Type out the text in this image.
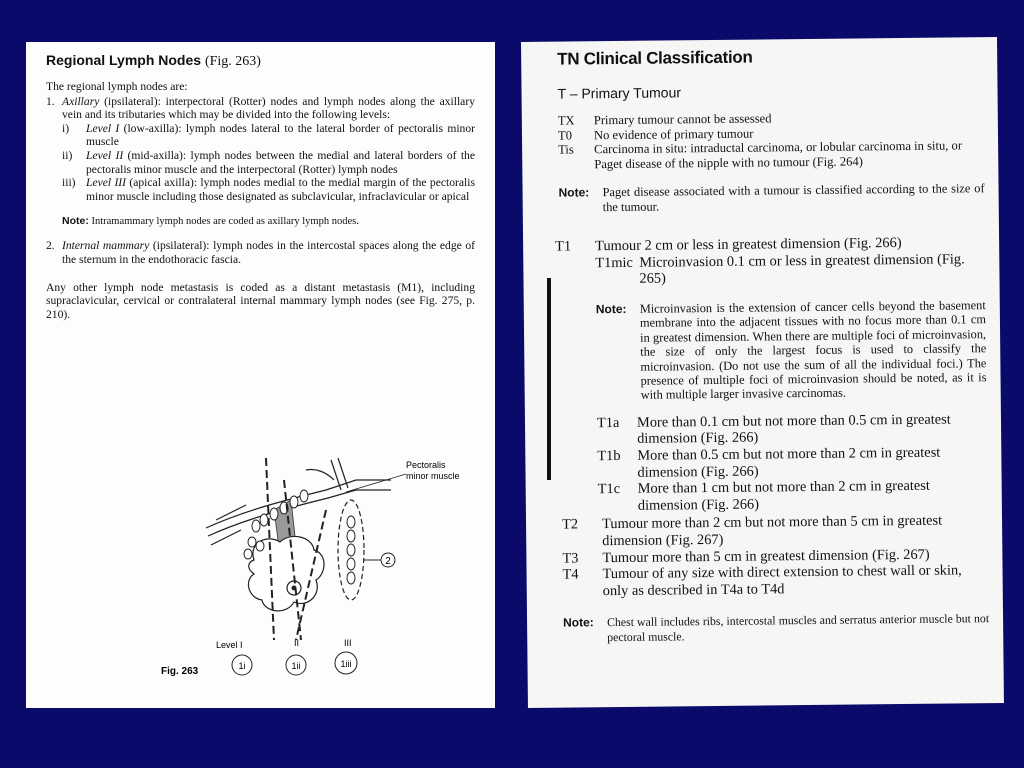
Regional Lymph Nodes (Fig. 263)

The regional lymph nodes are:

1. Axillary (ipsilateral): interpectoral (Rotter) nodes and lymph nodes along the axillary vein and its tributaries which may be divided into the following levels:
i)	Level I (low-axilla): lymph nodes lateral to the lateral border of pectoralis minor muscle
ii)	Level II (mid-axilla): lymph nodes between the medial and lateral borders of the pectoralis minor muscle and the interpectoral (Rotter) lymph nodes
iii) Level III (apical axilla): lymph nodes medial to the medial margin of the pectoralis minor muscle including those designated as subclavicular, infraclavicular or apical
Note: Intramammary lymph nodes are coded as axillary lymph nodes.
2. Internal mammary (ipsilateral): lymph nodes in the intercostal spaces along the edge of the sternum in the endothoracic fascia.

Any other lymph node metastasis is coded as a distant metastasis (M1), including supraclavicular, cervical or contralateral internal mammary lymph nodes (see Fig. 275, p. 210).

2
Pectoralis
minor muscle
Level I	II	III
1i	1ii	1iii
Fig. 263
TN Clinical Classification
T – Primary Tumour
TX	Primary tumour cannot be assessed
T0	No evidence of primary tumour
Tis	Carcinoma in situ: intraductal carcinoma, or lobular carcinoma in situ, or Paget disease of the nipple with no tumour (Fig. 264)
Note:	Paget disease associated with a tumour is classified according to the size of the tumour.
T1	Tumour 2 cm or less in greatest dimension (Fig. 266)
T1mic Microinvasion 0.1 cm or less in greatest dimension (Fig. 265)
Note:	Microinvasion is the extension of cancer cells beyond the basement membrane into the adjacent tissues with no focus more than 0.1 cm in greatest dimension. When there are multiple foci of microinvasion, the size of only the largest focus is used to classify the microinvasion. (Do not use the sum of all the individual foci.) The presence of multiple foci of microinvasion should be noted, as it is with multiple larger invasive carcinomas.
T1a	More than 0.1 cm but not more than 0.5 cm in greatest dimension (Fig. 266)
T1b	More than 0.5 cm but not more than 2 cm in greatest dimension (Fig. 266)
T1c	More than 1 cm but not more than 2 cm in greatest dimension (Fig. 266)
T2	Tumour more than 2 cm but not more than 5 cm in greatest dimension (Fig. 267)
T3	Tumour more than 5 cm in greatest dimension (Fig. 267)
T4	Tumour of any size with direct extension to chest wall or skin, only as described in T4a to T4d
Note:	Chest wall includes ribs, intercostal muscles and serratus anterior muscle but not pectoral muscle.
